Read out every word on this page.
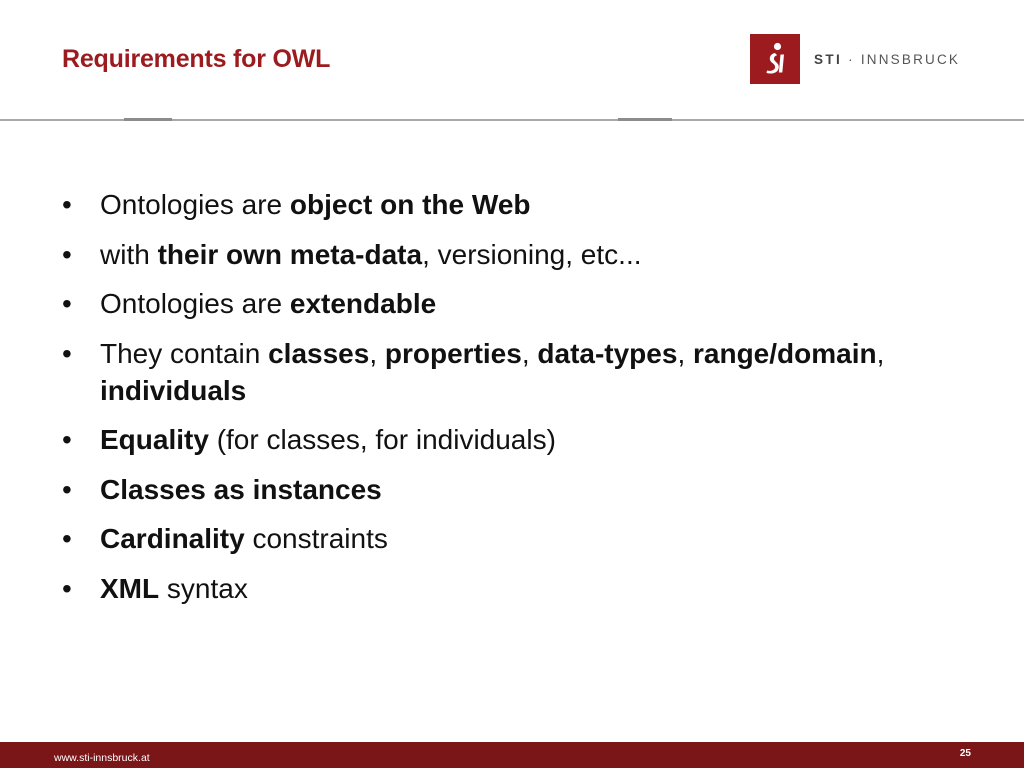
Requirements for OWL	STI · INNSBRUCK
•	Ontologies are object on the Web
•	with their own meta-data, versioning, etc...
•	Ontologies are extendable
•	They contain classes, properties, data-types, range/domain, individuals
•	Equality (for classes, for individuals)
•	Classes as instances
•	Cardinality constraints
•	XML syntax
www.sti-innsbruck.at	25
